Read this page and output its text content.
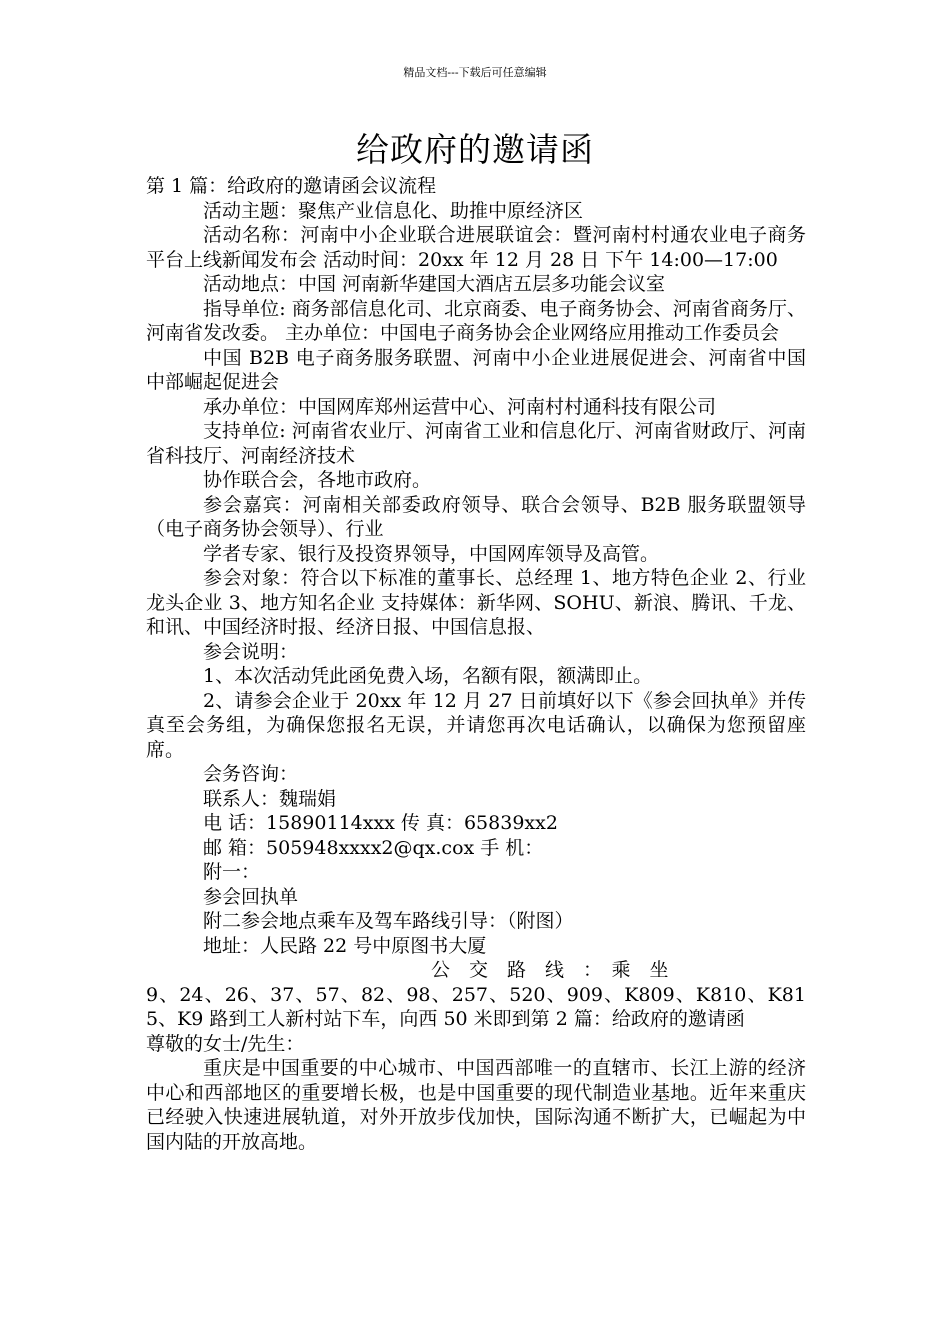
精品文档---下载后可任意编辑
给政府的邀请函

第 1 篇：给政府的邀请函会议流程

活动主题：聚焦产业信息化、助推中原经济区

活动名称：河南中小企业联合进展联谊会：暨河南村村通农业电子商务平台上线新闻发布会 活动时间：20xx 年 12 月 28 日 下午 14:00—17:00

活动地点：中国 河南新华建国大酒店五层多功能会议室

指导单位: 商务部信息化司、北京商委、电子商务协会、河南省商务厅、河南省发改委。 主办单位：中国电子商务协会企业网络应用推动工作委员会

中国 B2B 电子商务服务联盟、河南中小企业进展促进会、河南省中国中部崛起促进会

承办单位：中国网库郑州运营中心、河南村村通科技有限公司

支持单位: 河南省农业厅、河南省工业和信息化厅、河南省财政厅、河南省科技厅、河南经济技术

协作联合会，各地市政府。

参会嘉宾：河南相关部委政府领导、联合会领导、B2B 服务联盟领导（电子商务协会领导）、行业

学者专家、银行及投资界领导，中国网库领导及高管。

参会对象：符合以下标准的董事长、总经理 1、地方特色企业 2、行业龙头企业 3、地方知名企业 支持媒体：新华网、SOHU、新浪、腾讯、千龙、和讯、中国经济时报、经济日报、中国信息报、

参会说明：

1、本次活动凭此函免费入场，名额有限，额满即止。

2、请参会企业于 20xx 年 12 月 27 日前填好以下《参会回执单》并传真至会务组，为确保您报名无误，并请您再次电话确认，以确保为您预留座席。

会务咨询：

联系人：魏瑞娟

电 话：15890114xxx 传 真：65839xx2

邮 箱：505948xxxx2@qx.cox 手 机：

附一：

参会回执单

附二参会地点乘车及驾车路线引导：（附图）

地址：人民路 22 号中原图书大厦

公　交　路　线　：　乘　坐

9、24、26、37、57、82、98、257、520、909、K809、K810、K815、K9 路到工人新村站下车，向西 50 米即到第 2 篇：给政府的邀请函

尊敬的女士/先生：

重庆是中国重要的中心城市、中国西部唯一的直辖市、长江上游的经济中心和西部地区的重要增长极，也是中国重要的现代制造业基地。近年来重庆已经驶入快速进展轨道，对外开放步伐加快，国际沟通不断扩大，已崛起为中国内陆的开放高地。
